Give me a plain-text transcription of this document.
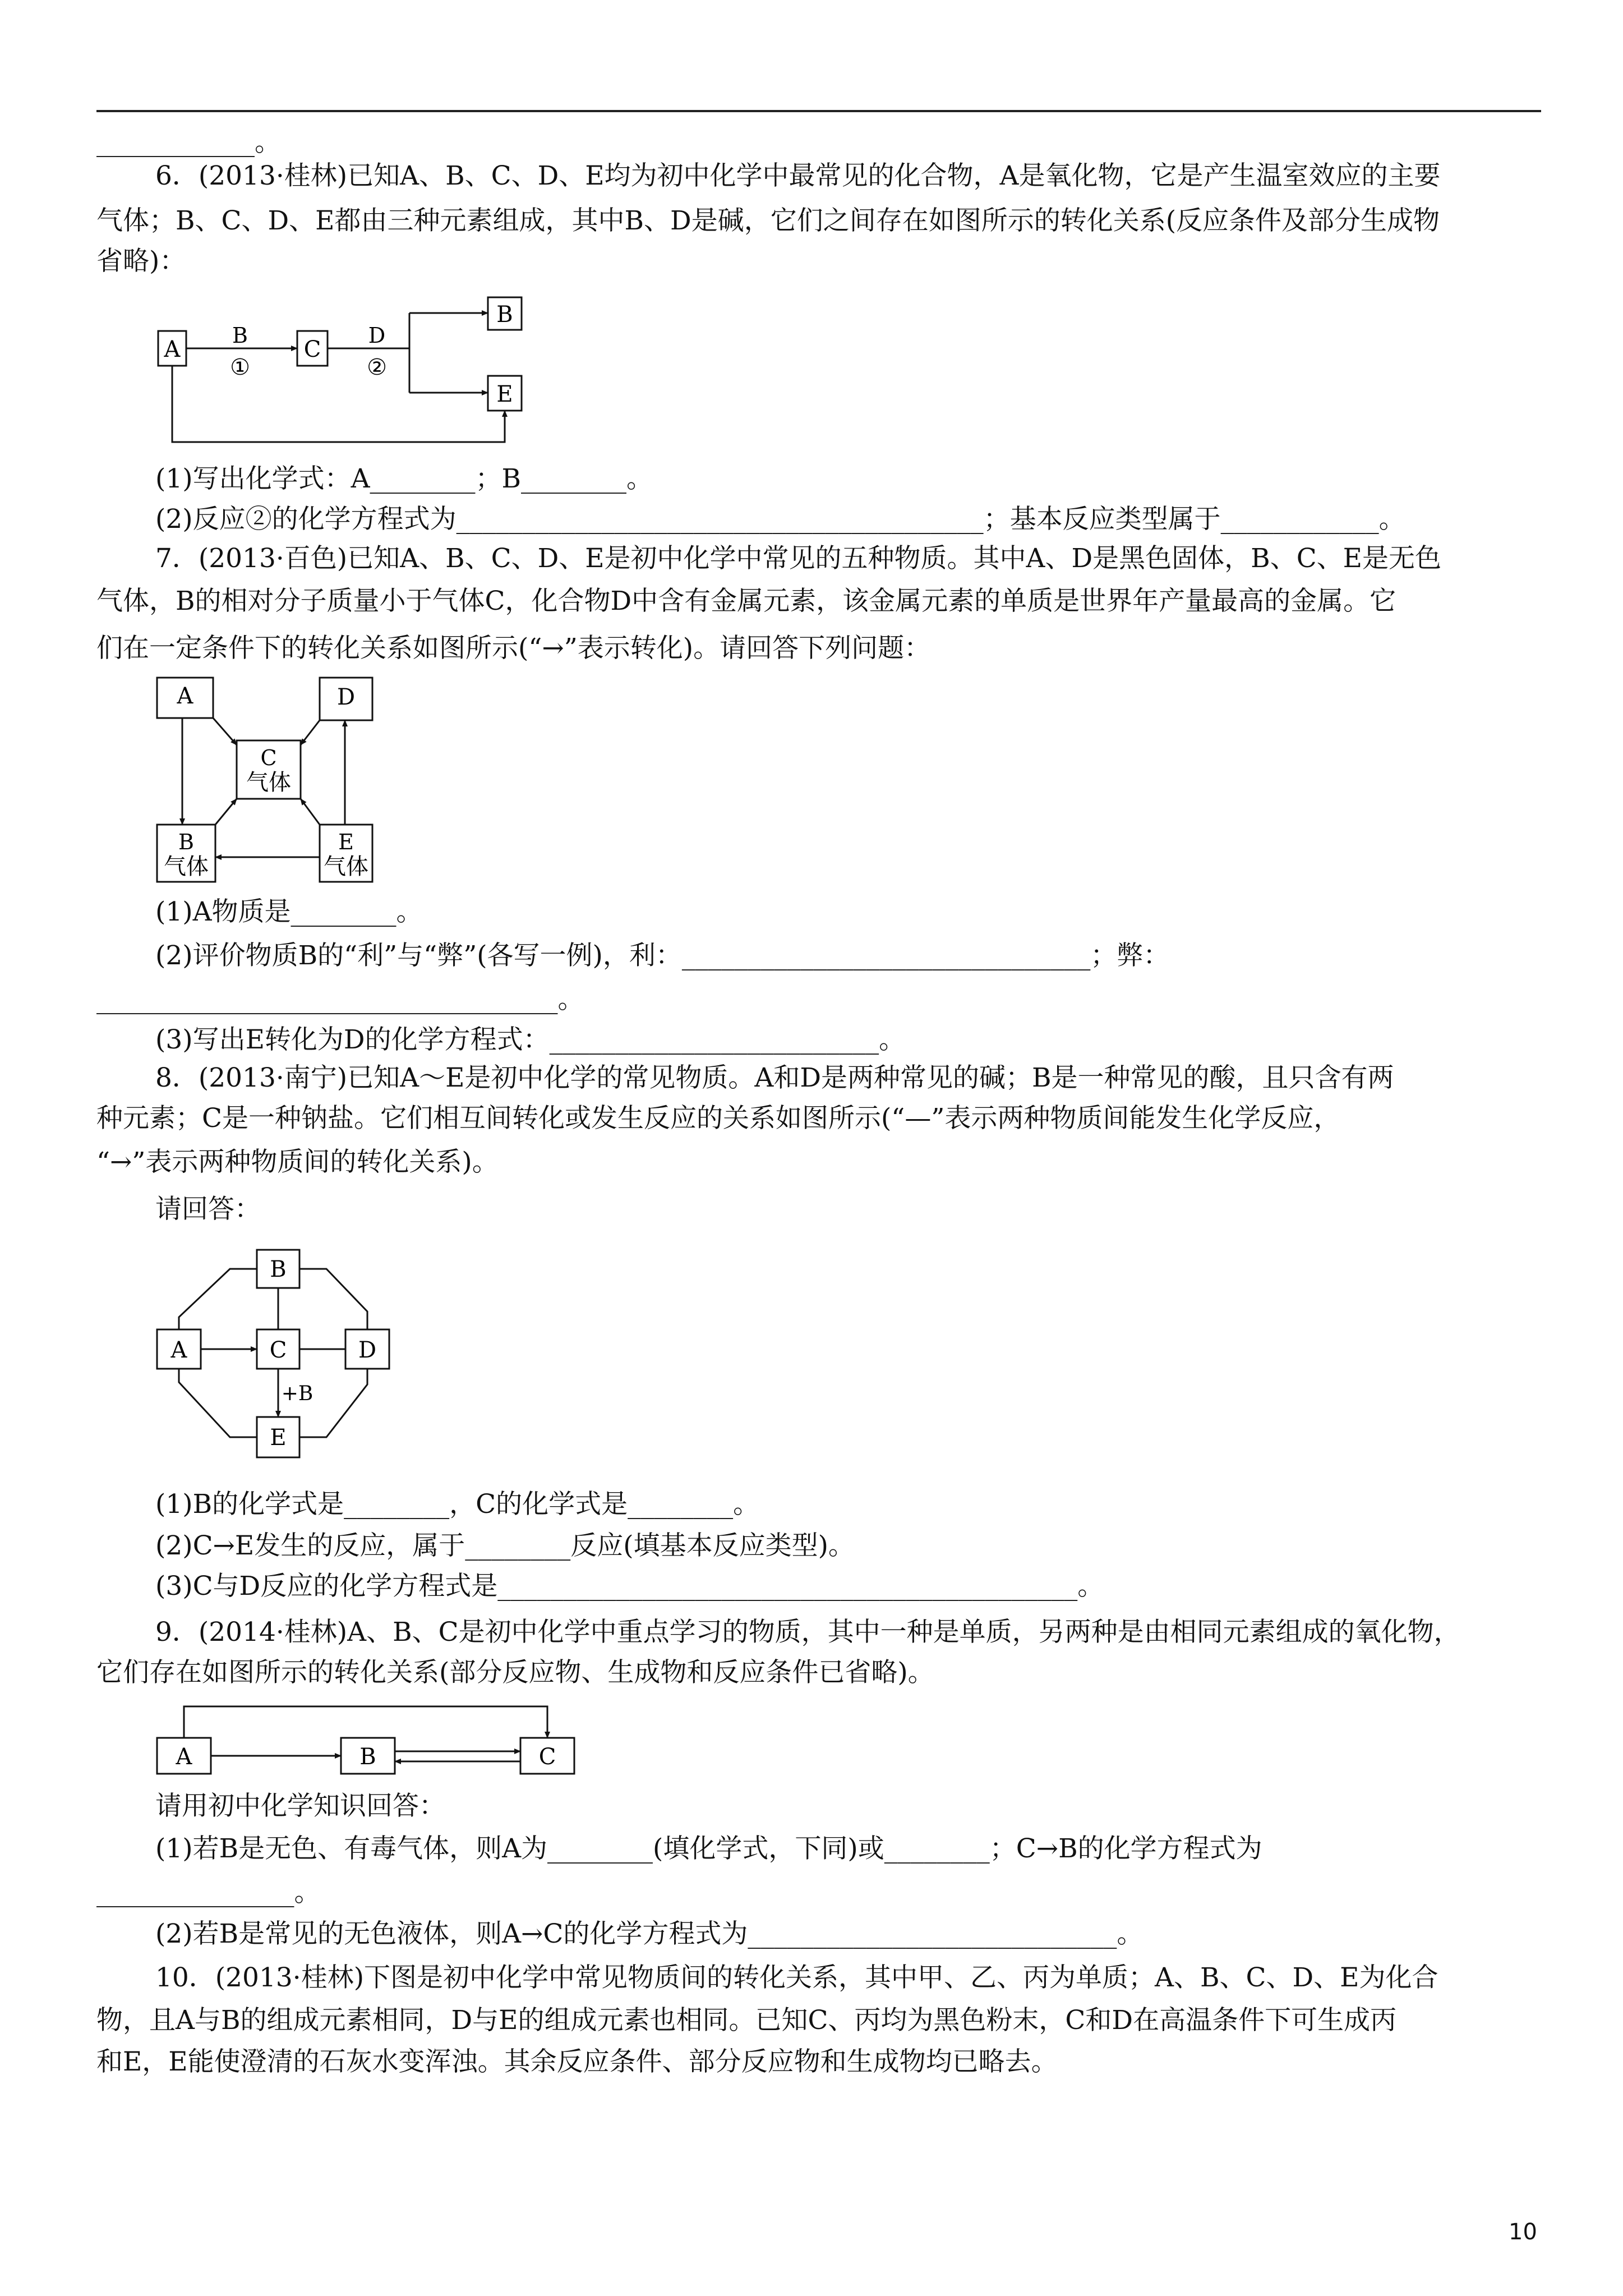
____________。
6．(2013·桂林)已知A、B、C、D、E均为初中化学中最常见的化合物，A是氧化物，它是产生温室效应的主要
气体；B、C、D、E都由三种元素组成，其中B、D是碱，它们之间存在如图所示的转化关系(反应条件及部分生成物
省略)：
A
B
①
C
D
②
B
E
(1)写出化学式：A________；B________。
(2)反应②的化学方程式为________________________________________；基本反应类型属于____________。
7．(2013·百色)已知A、B、C、D、E是初中化学中常见的五种物质。其中A、D是黑色固体，B、C、E是无色
气体，B的相对分子质量小于气体C，化合物D中含有金属元素，该金属元素的单质是世界年产量最高的金属。它
们在一定条件下的转化关系如图所示(“→”表示转化)。请回答下列问题：
A	D
C
气体
B
气体
E
气体
(1)A物质是________。
(2)评价物质B的“利”与“弊”(各写一例)，利：_______________________________；弊：
___________________________________。
(3)写出E转化为D的化学方程式：_________________________。
8．(2013·南宁)已知A～E是初中化学的常见物质。A和D是两种常见的碱；B是一种常见的酸，且只含有两
种元素；C是一种钠盐。它们相互间转化或发生反应的关系如图所示(“—”表示两种物质间能发生化学反应，
“→”表示两种物质间的转化关系)。
请回答：
B
A	C	D
E
+B
(1)B的化学式是________，C的化学式是________。
(2)C→E发生的反应，属于________反应(填基本反应类型)。
(3)C与D反应的化学方程式是____________________________________________。
9．(2014·桂林)A、B、C是初中化学中重点学习的物质，其中一种是单质，另两种是由相同元素组成的氧化物，
它们存在如图所示的转化关系(部分反应物、生成物和反应条件已省略)。
A	B	C
请用初中化学知识回答：
(1)若B是无色、有毒气体，则A为________(填化学式，下同)或________；C→B的化学方程式为
_______________。
(2)若B是常见的无色液体，则A→C的化学方程式为____________________________。
10．(2013·桂林)下图是初中化学中常见物质间的转化关系，其中甲、乙、丙为单质；A、B、C、D、E为化合
物，且A与B的组成元素相同，D与E的组成元素也相同。已知C、丙均为黑色粉末，C和D在高温条件下可生成丙
和E，E能使澄清的石灰水变浑浊。其余反应条件、部分反应物和生成物均已略去。
10
